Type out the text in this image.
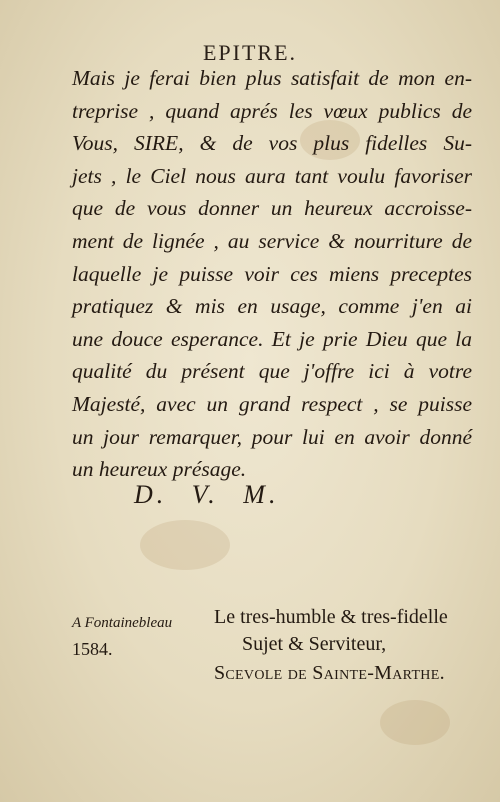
EPITRE.
Mais je ferai bien plus satisfait de mon en-
treprise , quand aprés les vœux publics de
Vous, SIRE, & de vos plus fidelles Su-
jets , le Ciel nous aura tant voulu favoriser
que de vous donner un heureux accroisse-
ment de lignée , au service & nourriture de
laquelle je puisse voir ces miens preceptes
pratiquez & mis en usage, comme j'en ai
une douce esperance. Et je prie Dieu que la
qualité du présent que j'offre ici à votre
Majesté, avec un grand respect , se puisse
un jour remarquer, pour lui en avoir donné
un heureux présage.
D. V. M.
A Fontainebleau
1584.
Le tres-humble & tres-fidelle
Sujet & Serviteur,
Scevole de Sainte-Marthe.
